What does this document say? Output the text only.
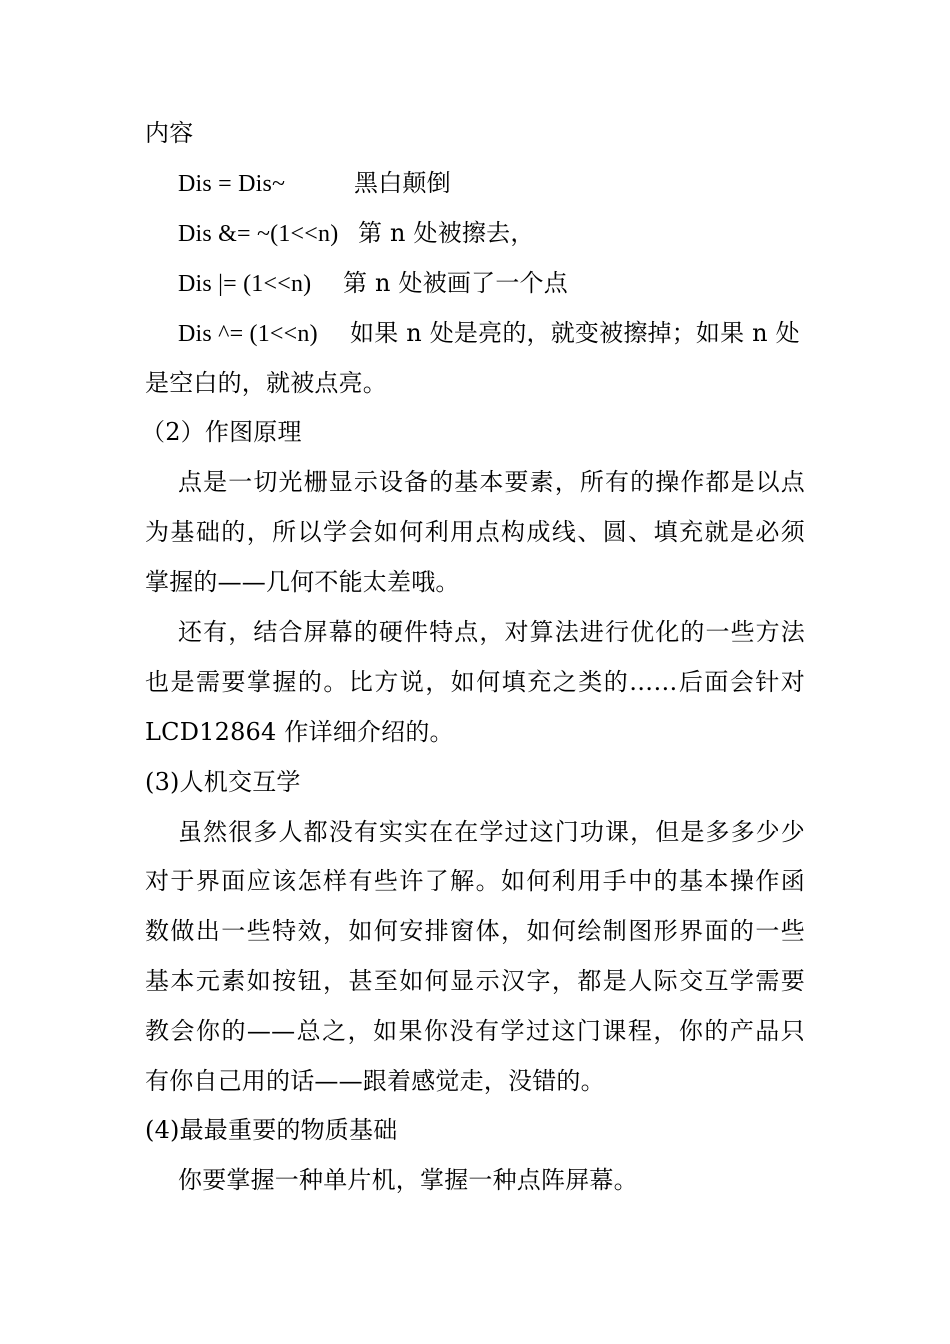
内容
Dis = Dis~	黑白颠倒
Dis &= ~(1<<n) 第 n 处被擦去，
Dis |= (1<<n) 第 n 处被画了一个点
Dis ^= (1<<n) 如果 n 处是亮的，就变被擦掉；如果 n 处
是空白的，就被点亮。
（2）作图原理
点是一切光栅显示设备的基本要素，所有的操作都是以点
为基础的，所以学会如何利用点构成线、圆、填充就是必须
掌握的——几何不能太差哦。
还有，结合屏幕的硬件特点，对算法进行优化的一些方法
也是需要掌握的。比方说，如何填充之类的……后面会针对
LCD12864 作详细介绍的。
(3)人机交互学
虽然很多人都没有实实在在学过这门功课，但是多多少少
对于界面应该怎样有些许了解。如何利用手中的基本操作函
数做出一些特效，如何安排窗体，如何绘制图形界面的一些
基本元素如按钮，甚至如何显示汉字，都是人际交互学需要
教会你的——总之，如果你没有学过这门课程，你的产品只
有你自己用的话——跟着感觉走，没错的。
(4)最最重要的物质基础
你要掌握一种单片机，掌握一种点阵屏幕。
